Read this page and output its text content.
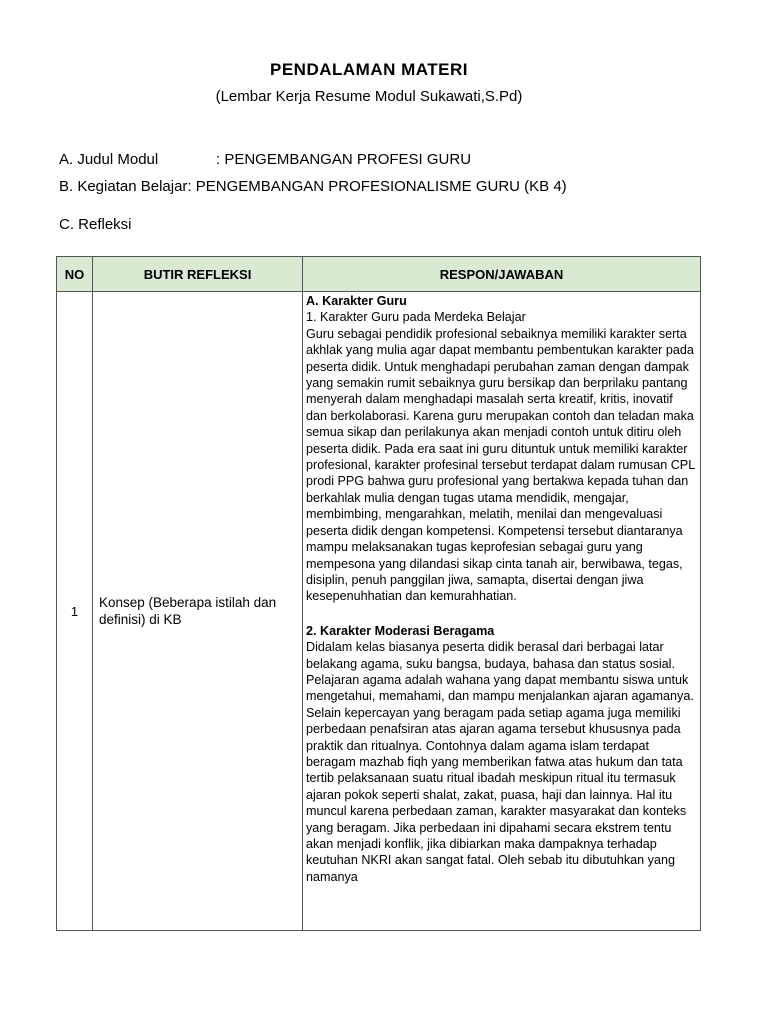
PENDALAMAN MATERI
(Lembar Kerja Resume Modul Sukawati,S.Pd)
A. Judul Modul	: PENGEMBANGAN PROFESI GURU
B. Kegiatan Belajar: PENGEMBANGAN PROFESIONALISME GURU (KB 4)
C. Refleksi
NO	BUTIR REFLEKSI	RESPON/JAWABAN
1	Konsep (Beberapa istilah dan definisi) di KB	A. Karakter Guru
1. Karakter Guru pada Merdeka Belajar

Guru sebagai pendidik profesional sebaiknya memiliki karakter serta akhlak yang mulia agar dapat membantu pembentukan karakter pada peserta didik. Untuk menghadapi perubahan zaman dengan dampak yang semakin rumit sebaiknya guru bersikap dan berprilaku pantang menyerah dalam menghadapi masalah serta kreatif, kritis, inovatif dan berkolaborasi. Karena guru merupakan contoh dan teladan maka semua sikap dan perilakunya akan menjadi contoh untuk ditiru oleh peserta didik. Pada era saat ini guru dituntuk untuk memiliki karakter profesional, karakter profesinal tersebut terdapat dalam rumusan CPL prodi PPG bahwa guru profesional yang bertakwa kepada tuhan dan berkahlak mulia dengan tugas utama mendidik, mengajar, membimbing, mengarahkan, melatih, menilai dan mengevaluasi peserta didik dengan kompetensi. Kompetensi tersebut diantaranya mampu melaksanakan tugas keprofesian sebagai guru yang mempesona yang dilandasi sikap cinta tanah air, berwibawa, tegas, disiplin, penuh panggilan jiwa, samapta, disertai dengan jiwa kesepenuhhatian dan kemurahhatian.

2. Karakter Moderasi Beragama

Didalam kelas biasanya peserta didik berasal dari berbagai latar belakang agama, suku bangsa, budaya, bahasa dan status sosial. Pelajaran agama adalah wahana yang dapat membantu siswa untuk mengetahui, memahami, dan mampu menjalankan ajaran agamanya. Selain kepercayan yang beragam pada setiap agama juga memiliki perbedaan penafsiran atas ajaran agama tersebut khususnya pada praktik dan ritualnya. Contohnya dalam agama islam terdapat beragam mazhab fiqh yang memberikan fatwa atas hukum dan tata tertib pelaksanaan suatu ritual ibadah meskipun ritual itu termasuk ajaran pokok seperti shalat, zakat, puasa, haji dan lainnya. Hal itu muncul karena perbedaan zaman, karakter masyarakat dan konteks yang beragam. Jika perbedaan ini dipahami secara ekstrem tentu akan menjadi konflik, jika dibiarkan maka dampaknya terhadap keutuhan NKRI akan sangat fatal. Oleh sebab itu dibutuhkan yang namanya
